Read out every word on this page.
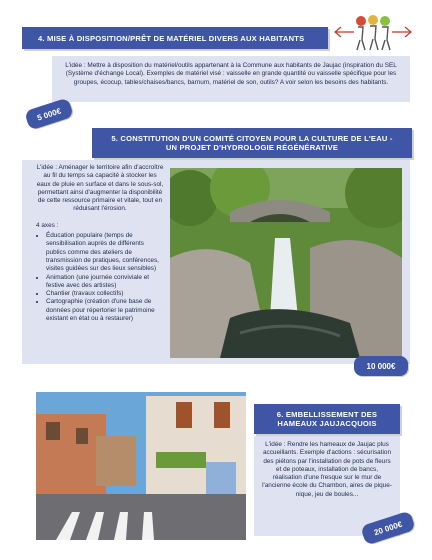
4. MISE À DISPOSITION/PRÊT DE MATÉRIEL DIVERS AUX HABITANTS
L'idée : Mettre à disposition du matériel/outils appartenant à la Commune aux habitants de Jaujac (inspiration du SEL (Système d'échange Local). Exemples de matériel visé : vaisselle en grande quantité ou vaisselle spécifique pour les groupes, écocup, tables/chaises/bancs, barnum, matériel de son, outils? A voir selon les besoins des habitants.
5 000€
5. CONSTITUTION D'UN COMITÉ CITOYEN POUR LA CULTURE DE L'EAU -
UN PROJET D'HYDROLOGIE RÉGÉNÉRATIVE
L'idée : Aménager le territoire afin d'accroître au fil du temps sa capacité à stocker les eaux de pluie en surface et dans le sous-sol, permettant ainsi d'augmenter la disponibilité de cette ressource primaire et vitale, tout en réduisant l'érosion.
4 axes :
• Éducation populaire (temps de sensibilisation auprès de différents publics comme des ateliers de transmission de pratiques, conférences, visites guidées sur des lieux sensibles)
• Animation (une journée conviviale et festive avec des artistes)
• Chantier (travaux collectifs)
• Cartographie (création d'une base de données pour répertorier le patrimoine existant en état ou à restaurer)
10 000€
6. EMBELLISSEMENT DES
HAMEAUX JAUJACQUOIS
L'idée : Rendre les hameaux de Jaujac plus accueillants. Exemple d'actions : sécurisation des piétons par l'installation de pots de fleurs et de poteaux, installation de bancs, réalisation d'une fresque sur le mur de l'ancienne école du Chambon, aires de pique-nique, jeu de boules...
20 000€
